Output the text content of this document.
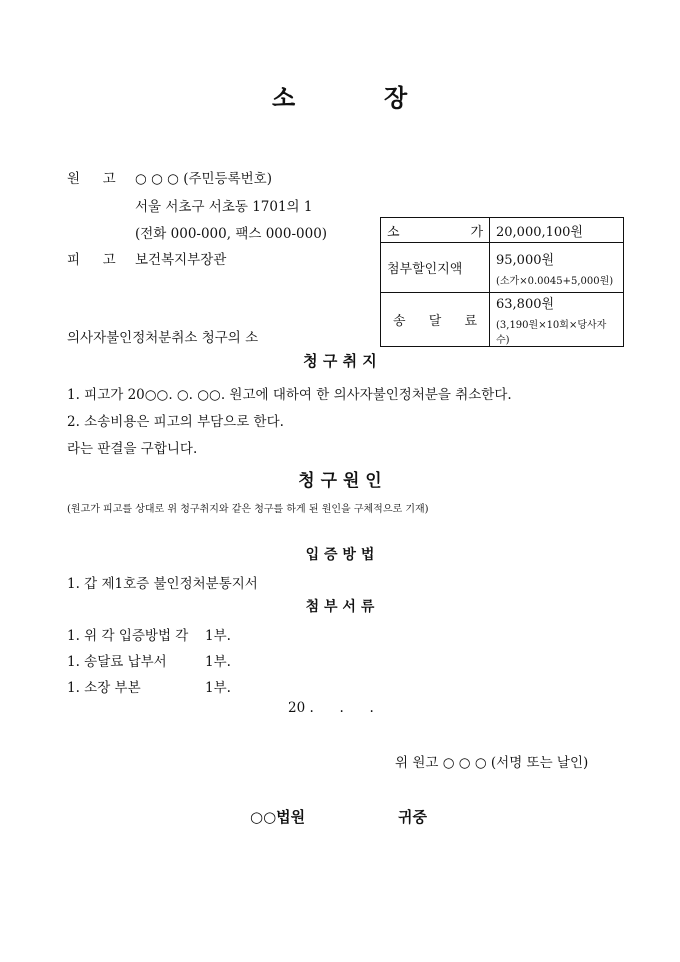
소	장
원 고 ○ ○ ○ (주민등록번호)
서울 서초구 서초동 1701의 1
(전화 000-000, 팩스 000-000)
피 고 보건복지부장관
소 가	20,000,100원
첨부할인지액	95,000원
(소가×0.0045+5,000원)

송 달 료	63,800원
(3,190원×10회×당사자수)
의사자불인정처분취소 청구의 소
청 구 취 지
1. 피고가 20○○. ○. ○○. 원고에 대하여 한 의사자불인정처분을 취소한다.
2. 소송비용은 피고의 부담으로 한다.
라는 판결을 구합니다.
청 구 원 인
(원고가 피고를 상대로 위 청구취지와 같은 청구를 하게 된 원인을 구체적으로 기재)
입 증 방 법
1. 갑 제1호증 불인정처분통지서
첨 부 서 류
1. 위 각 입증방법 각 1부.
1. 송달료 납부서	1부.
1. 소장 부본	1부.
20 .      .      .
위 원고 ○ ○ ○ (서명 또는 날인)
○○법원	귀중
